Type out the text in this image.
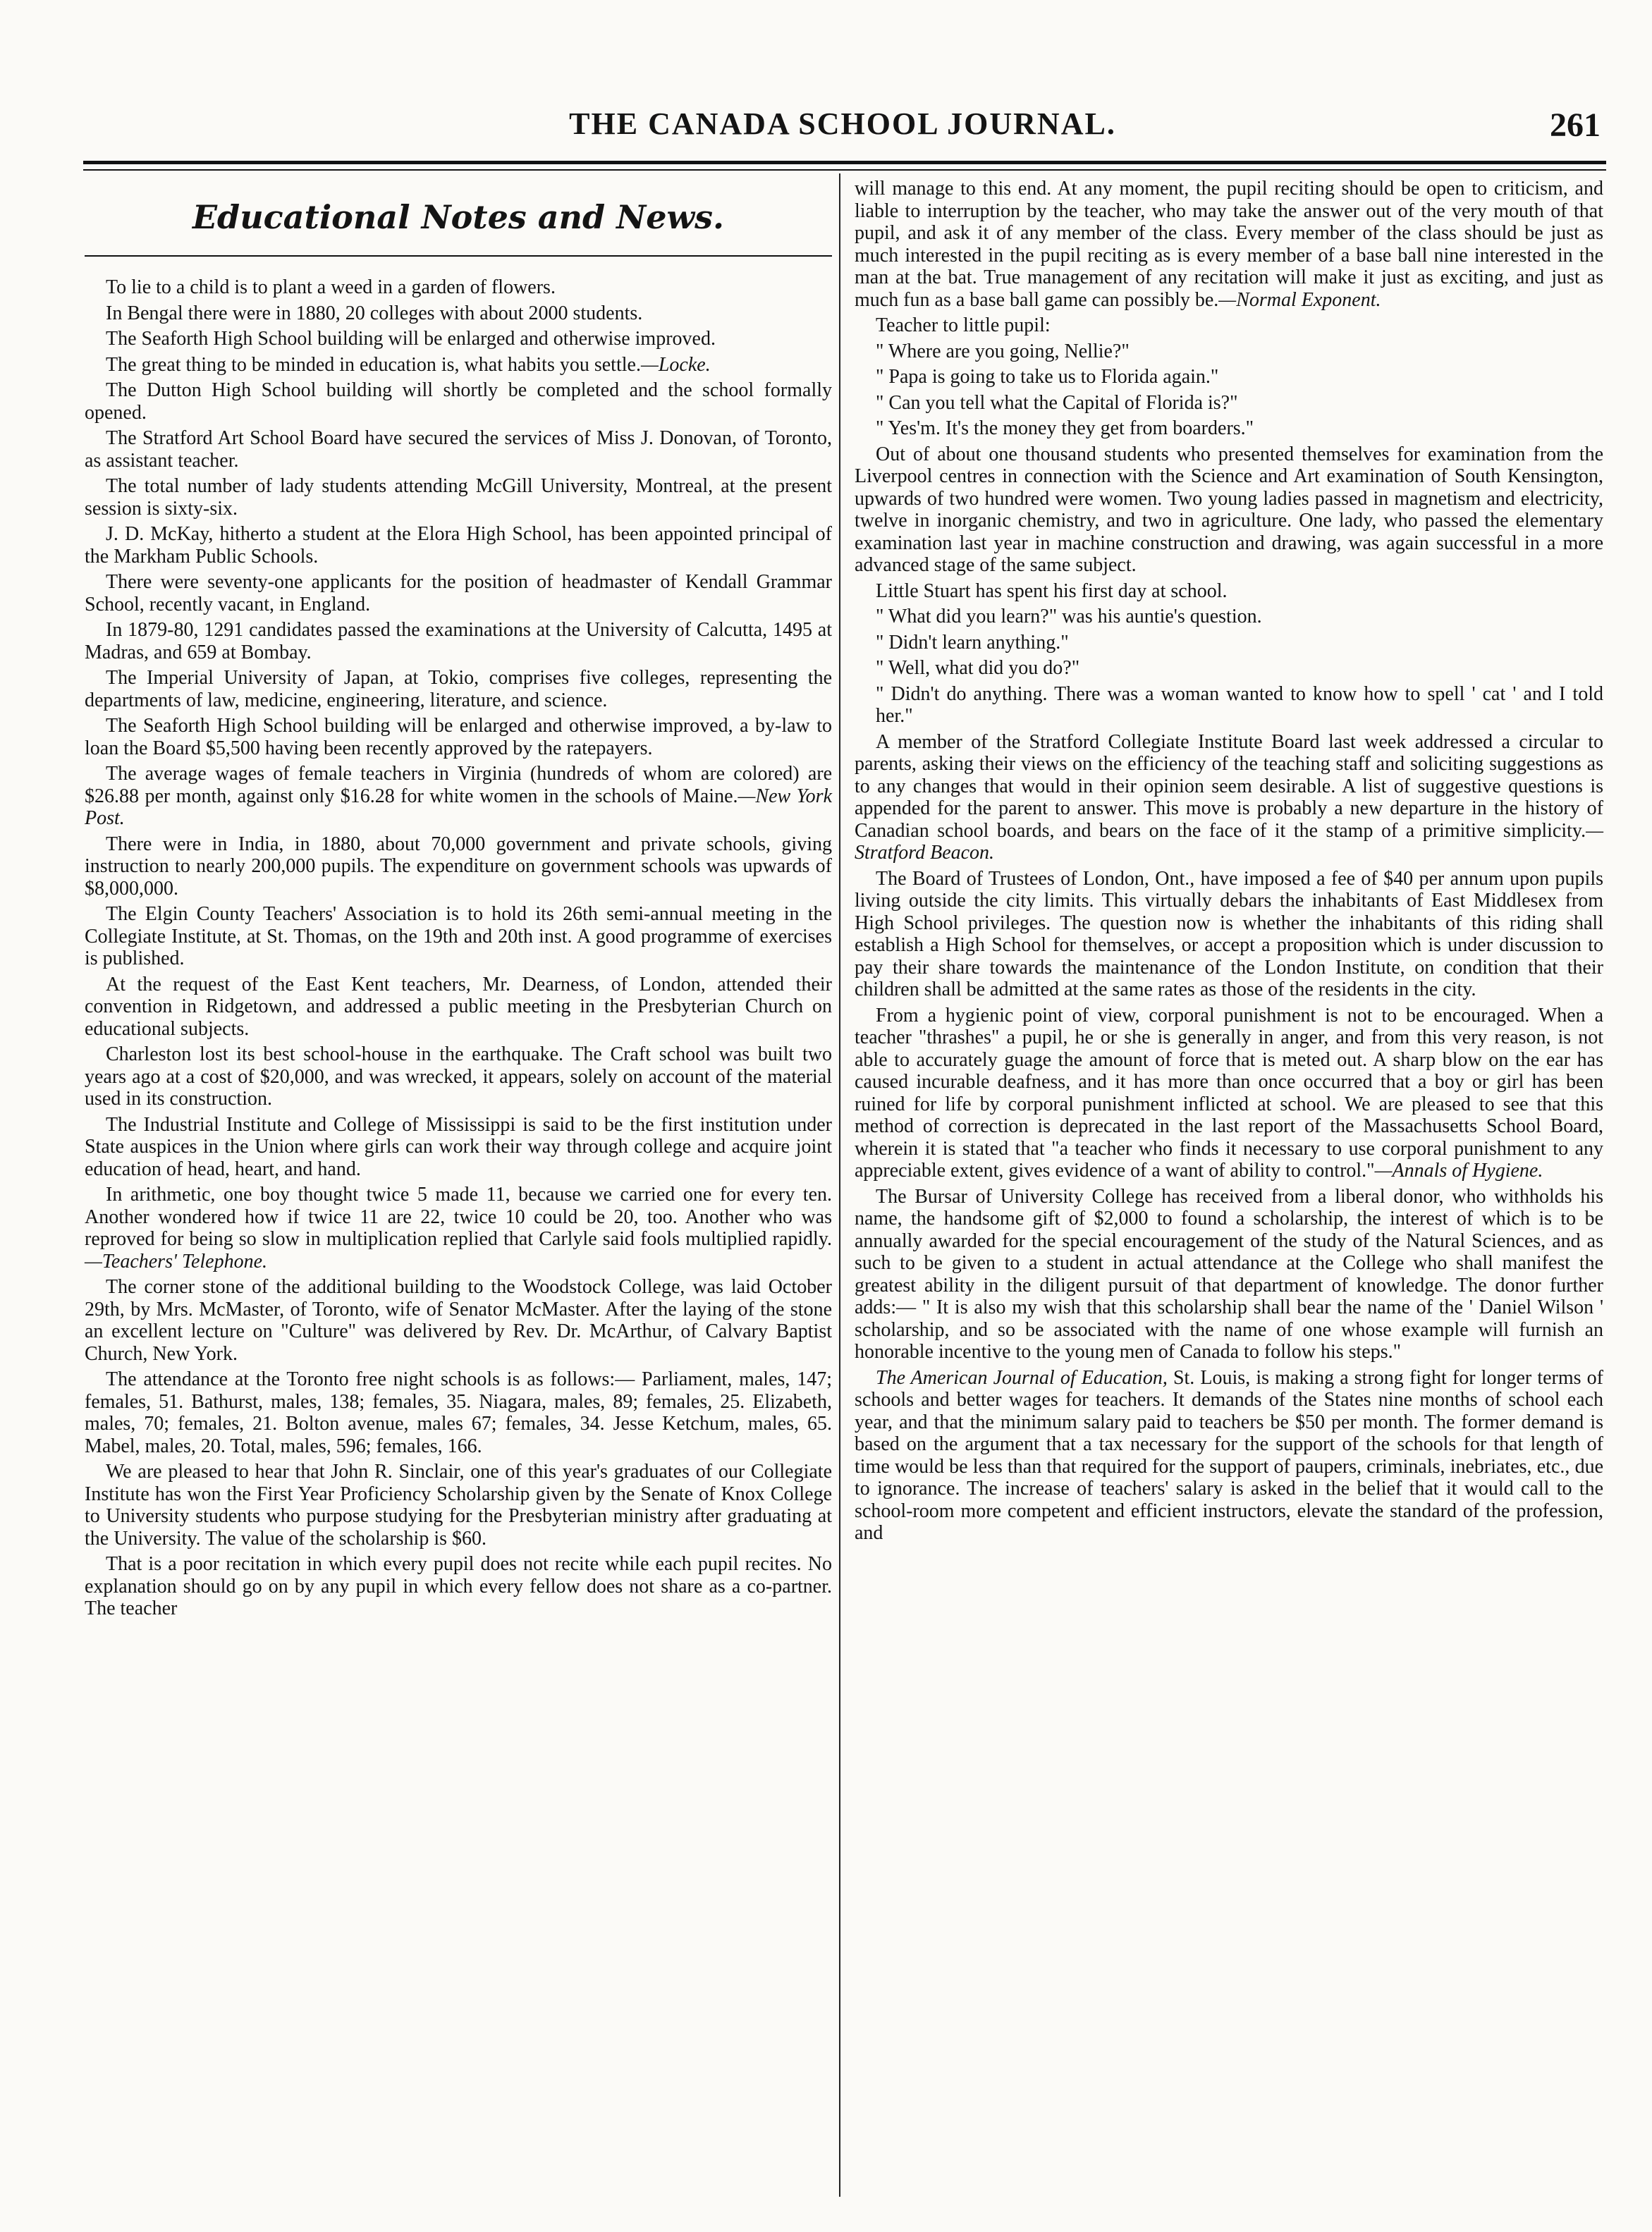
THE CANADA SCHOOL JOURNAL.	261
Educational Notes and News.

To lie to a child is to plant a weed in a garden of flowers.

In Bengal there were in 1880, 20 colleges with about 2000 students.

The Seaforth High School building will be enlarged and otherwise improved.

The great thing to be minded in education is, what habits you settle.—Locke.

The Dutton High School building will shortly be completed and the school formally opened.

The Stratford Art School Board have secured the services of Miss J. Donovan, of Toronto, as assistant teacher.

The total number of lady students attending McGill University, Montreal, at the present session is sixty-six.

J. D. McKay, hitherto a student at the Elora High School, has been appointed principal of the Markham Public Schools.

There were seventy-one applicants for the position of headmaster of Kendall Grammar School, recently vacant, in England.

In 1879-80, 1291 candidates passed the examinations at the University of Calcutta, 1495 at Madras, and 659 at Bombay.

The Imperial University of Japan, at Tokio, comprises five colleges, representing the departments of law, medicine, engineering, literature, and science.

The Seaforth High School building will be enlarged and otherwise improved, a by-law to loan the Board $5,500 having been recently approved by the ratepayers.

The average wages of female teachers in Virginia (hundreds of whom are colored) are $26.88 per month, against only $16.28 for white women in the schools of Maine.—New York Post.

There were in India, in 1880, about 70,000 government and private schools, giving instruction to nearly 200,000 pupils. The expenditure on government schools was upwards of $8,000,000.

The Elgin County Teachers' Association is to hold its 26th semi-annual meeting in the Collegiate Institute, at St. Thomas, on the 19th and 20th inst. A good programme of exercises is published.

At the request of the East Kent teachers, Mr. Dearness, of London, attended their convention in Ridgetown, and addressed a public meeting in the Presbyterian Church on educational subjects.

Charleston lost its best school-house in the earthquake. The Craft school was built two years ago at a cost of $20,000, and was wrecked, it appears, solely on account of the material used in its construction.

The Industrial Institute and College of Mississippi is said to be the first institution under State auspices in the Union where girls can work their way through college and acquire joint education of head, heart, and hand.

In arithmetic, one boy thought twice 5 made 11, because we carried one for every ten. Another wondered how if twice 11 are 22, twice 10 could be 20, too. Another who was reproved for being so slow in multiplication replied that Carlyle said fools multiplied rapidly.—Teachers' Telephone.

The corner stone of the additional building to the Woodstock College, was laid October 29th, by Mrs. McMaster, of Toronto, wife of Senator McMaster. After the laying of the stone an excellent lecture on "Culture" was delivered by Rev. Dr. McArthur, of Calvary Baptist Church, New York.

The attendance at the Toronto free night schools is as follows:— Parliament, males, 147; females, 51. Bathurst, males, 138; females, 35. Niagara, males, 89; females, 25. Elizabeth, males, 70; females, 21. Bolton avenue, males 67; females, 34. Jesse Ketchum, males, 65. Mabel, males, 20. Total, males, 596; females, 166.

We are pleased to hear that John R. Sinclair, one of this year's graduates of our Collegiate Institute has won the First Year Proficiency Scholarship given by the Senate of Knox College to University students who purpose studying for the Presbyterian ministry after graduating at the University. The value of the scholarship is $60.

That is a poor recitation in which every pupil does not recite while each pupil recites. No explanation should go on by any pupil in which every fellow does not share as a co-partner. The teacher

will manage to this end. At any moment, the pupil reciting should be open to criticism, and liable to interruption by the teacher, who may take the answer out of the very mouth of that pupil, and ask it of any member of the class. Every member of the class should be just as much interested in the pupil reciting as is every member of a base ball nine interested in the man at the bat. True management of any recitation will make it just as exciting, and just as much fun as a base ball game can possibly be.—Normal Exponent.

Teacher to little pupil:

" Where are you going, Nellie?"

" Papa is going to take us to Florida again."

" Can you tell what the Capital of Florida is?"

" Yes'm. It's the money they get from boarders."

Out of about one thousand students who presented themselves for examination from the Liverpool centres in connection with the Science and Art examination of South Kensington, upwards of two hundred were women. Two young ladies passed in magnetism and electricity, twelve in inorganic chemistry, and two in agriculture. One lady, who passed the elementary examination last year in machine construction and drawing, was again successful in a more advanced stage of the same subject.

Little Stuart has spent his first day at school.

" What did you learn?" was his auntie's question.

" Didn't learn anything."

" Well, what did you do?"

" Didn't do anything. There was a woman wanted to know how to spell ' cat ' and I told her."

A member of the Stratford Collegiate Institute Board last week addressed a circular to parents, asking their views on the efficiency of the teaching staff and soliciting suggestions as to any changes that would in their opinion seem desirable. A list of suggestive questions is appended for the parent to answer. This move is probably a new departure in the history of Canadian school boards, and bears on the face of it the stamp of a primitive simplicity.—Stratford Beacon.

The Board of Trustees of London, Ont., have imposed a fee of $40 per annum upon pupils living outside the city limits. This virtually debars the inhabitants of East Middlesex from High School privileges. The question now is whether the inhabitants of this riding shall establish a High School for themselves, or accept a proposition which is under discussion to pay their share towards the maintenance of the London Institute, on condition that their children shall be admitted at the same rates as those of the residents in the city.

From a hygienic point of view, corporal punishment is not to be encouraged. When a teacher "thrashes" a pupil, he or she is generally in anger, and from this very reason, is not able to accurately guage the amount of force that is meted out. A sharp blow on the ear has caused incurable deafness, and it has more than once occurred that a boy or girl has been ruined for life by corporal punishment inflicted at school. We are pleased to see that this method of correction is deprecated in the last report of the Massachusetts School Board, wherein it is stated that "a teacher who finds it necessary to use corporal punishment to any appreciable extent, gives evidence of a want of ability to control."—Annals of Hygiene.

The Bursar of University College has received from a liberal donor, who withholds his name, the handsome gift of $2,000 to found a scholarship, the interest of which is to be annually awarded for the special encouragement of the study of the Natural Sciences, and as such to be given to a student in actual attendance at the College who shall manifest the greatest ability in the diligent pursuit of that department of knowledge. The donor further adds:— " It is also my wish that this scholarship shall bear the name of the ' Daniel Wilson ' scholarship, and so be associated with the name of one whose example will furnish an honorable incentive to the young men of Canada to follow his steps."

The American Journal of Education, St. Louis, is making a strong fight for longer terms of schools and better wages for teachers. It demands of the States nine months of school each year, and that the minimum salary paid to teachers be $50 per month. The former demand is based on the argument that a tax necessary for the support of the schools for that length of time would be less than that required for the support of paupers, criminals, inebriates, etc., due to ignorance. The increase of teachers' salary is asked in the belief that it would call to the school-room more competent and efficient instructors, elevate the standard of the profession, and
